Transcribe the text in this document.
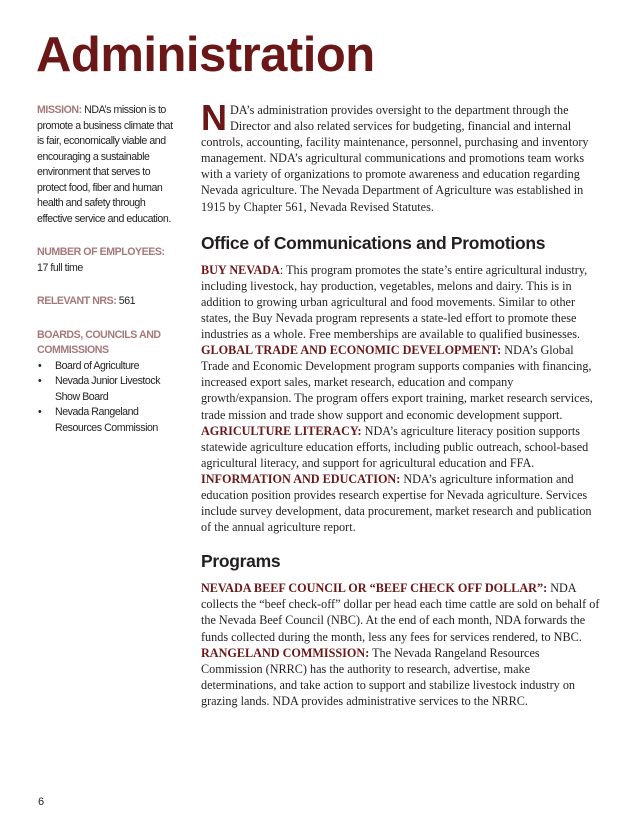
Administration

MISSION: NDA’s mission is to promote a business climate that is fair, economically viable and encouraging a sustainable environment that serves to protect food, fiber and human health and safety through effective service and education.

NUMBER OF EMPLOYEES: 17 full time

RELEVANT NRS: 561

BOARDS, COUNCILS AND COMMISSIONS
• Board of Agriculture
• Nevada Junior Livestock Show Board
• Nevada Rangeland Resources Commission

NDA’s administration provides oversight to the department through the Director and also related services for budgeting, financial and internal controls, accounting, facility maintenance, personnel, purchasing and inventory management. NDA’s agricultural communications and promotions team works with a variety of organizations to promote awareness and education regarding Nevada agriculture. The Nevada Department of Agriculture was established in 1915 by Chapter 561, Nevada Revised Statutes.

Office of Communications and Promotions

BUY NEVADA: This program promotes the state’s entire agricultural industry, including livestock, hay production, vegetables, melons and dairy. This is in addition to growing urban agricultural and food movements. Similar to other states, the Buy Nevada program represents a state-led effort to promote these industries as a whole. Free memberships are available to qualified businesses.

GLOBAL TRADE AND ECONOMIC DEVELOPMENT: NDA’s Global Trade and Economic Development program supports companies with financing, increased export sales, market research, education and company growth/expansion. The program offers export training, market research services, trade mission and trade show support and economic development support.

AGRICULTURE LITERACY: NDA’s agriculture literacy position supports statewide agriculture education efforts, including public outreach, school-based agricultural literacy, and support for agricultural education and FFA.

INFORMATION AND EDUCATION: NDA’s agriculture information and education position provides research expertise for Nevada agriculture. Services include survey development, data procurement, market research and publication of the annual agriculture report.

Programs

NEVADA BEEF COUNCIL OR “BEEF CHECK OFF DOLLAR”: NDA collects the “beef check-off” dollar per head each time cattle are sold on behalf of the Nevada Beef Council (NBC). At the end of each month, NDA forwards the funds collected during the month, less any fees for services rendered, to NBC.

RANGELAND COMMISSION: The Nevada Rangeland Resources Commission (NRRC) has the authority to research, advertise, make determinations, and take action to support and stabilize livestock industry on grazing lands. NDA provides administrative services to the NRRC.

6
